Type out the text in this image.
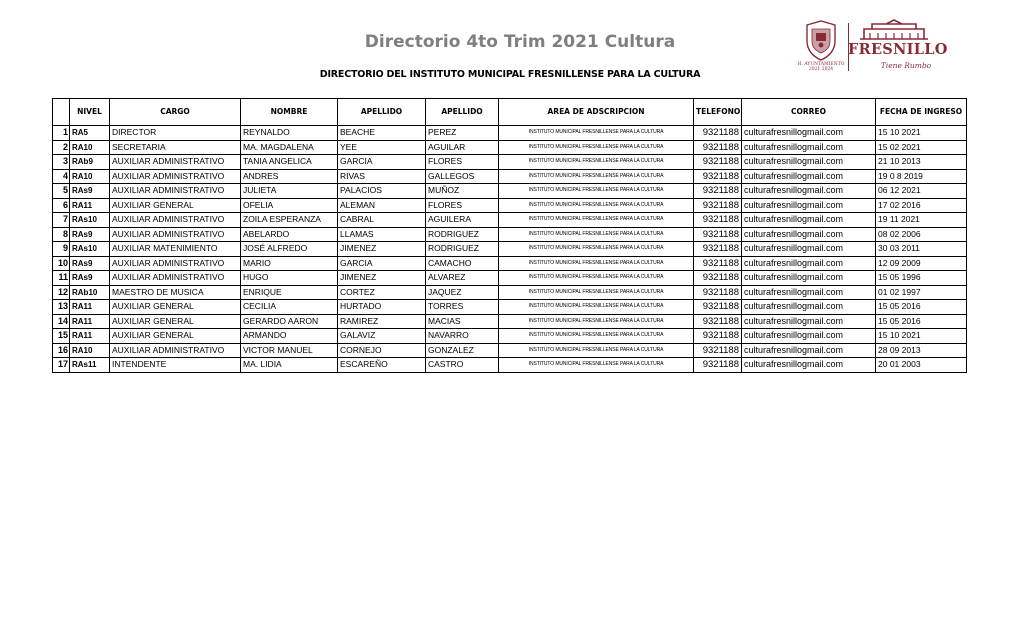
Directorio 4to Trim 2021 Cultura
DIRECTORIO DEL INSTITUTO MUNICIPAL FRESNILLENSE PARA LA CULTURA
H. AYUNTAMIENTO
2021 2024
FRESNILLO
Tiene Rumbo
	NIVEL	CARGO	NOMBRE	APELLIDO	APELLIDO	AREA DE ADSCRIPCION	TELEFONO	CORREO	FECHA DE INGRESO
1	RA5	DIRECTOR	REYNALDO	BEACHE	PEREZ	INSTITUTO MUNICIPAL FRESNILLENSE PARA LA CULTURA	9321188	culturafresnillogmail.com	15 10 2021
2	RA10	SECRETARIA	MA. MAGDALENA	YEE	AGUILAR	INSTITUTO MUNICIPAL FRESNILLENSE PARA LA CULTURA	9321188	culturafresnillogmail.com	15 02 2021
3	RAb9	AUXILIAR ADMINISTRATIVO	TANIA ANGELICA	GARCIA	FLORES	INSTITUTO MUNICIPAL FRESNILLENSE PARA LA CULTURA	9321188	culturafresnillogmail.com	21 10 2013
4	RA10	AUXILIAR ADMINISTRATIVO	ANDRES	RIVAS	GALLEGOS	INSTITUTO MUNICIPAL FRESNILLENSE PARA LA CULTURA	9321188	culturafresnillogmail.com	19 0 8 2019
5	RAs9	AUXILIAR ADMINISTRATIVO	JULIETA	PALACIOS	MUÑOZ	INSTITUTO MUNICIPAL FRESNILLENSE PARA LA CULTURA	9321188	culturafresnillogmail.com	06 12 2021
6	RA11	AUXILIAR GENERAL	OFELIA	ALEMAN	FLORES	INSTITUTO MUNICIPAL FRESNILLENSE PARA LA CULTURA	9321188	culturafresnillogmail.com	17 02 2016
7	RAs10	AUXILIAR ADMINISTRATIVO	ZOILA ESPERANZA	CABRAL	AGUILERA	INSTITUTO MUNICIPAL FRESNILLENSE PARA LA CULTURA	9321188	culturafresnillogmail.com	19 11 2021
8	RAs9	AUXILIAR ADMINISTRATIVO	ABELARDO	LLAMAS	RODRIGUEZ	INSTITUTO MUNICIPAL FRESNILLENSE PARA LA CULTURA	9321188	culturafresnillogmail.com	08 02 2006
9	RAs10	AUXILIAR MATENIMIENTO	JOSÉ ALFREDO	JIMENEZ	RODRIGUEZ	INSTITUTO MUNICIPAL FRESNILLENSE PARA LA CULTURA	9321188	culturafresnillogmail.com	30 03 2011
10	RAs9	AUXILIAR ADMINISTRATIVO	MARIO	GARCIA	CAMACHO	INSTITUTO MUNICIPAL FRESNILLENSE PARA LA CULTURA	9321188	culturafresnillogmail.com	12 09 2009
11	RAs9	AUXILIAR ADMINISTRATIVO	HUGO	JIMENEZ	ALVAREZ	INSTITUTO MUNICIPAL FRESNILLENSE PARA LA CULTURA	9321188	culturafresnillogmail.com	15 05 1996
12	RAb10	MAESTRO DE MUSICA	ENRIQUE	CORTEZ	JAQUEZ	INSTITUTO MUNICIPAL FRESNILLENSE PARA LA CULTURA	9321188	culturafresnillogmail.com	01 02 1997
13	RA11	AUXILIAR GENERAL	CECILIA	HURTADO	TORRES	INSTITUTO MUNICIPAL FRESNILLENSE PARA LA CULTURA	9321188	culturafresnillogmail.com	15 05 2016
14	RA11	AUXILIAR GENERAL	GERARDO AARON	RAMIREZ	MACIAS	INSTITUTO MUNICIPAL FRESNILLENSE PARA LA CULTURA	9321188	culturafresnillogmail.com	15 05 2016
15	RA11	AUXILIAR GENERAL	ARMANDO	GALAVIZ	NAVARRO	INSTITUTO MUNICIPAL FRESNILLENSE PARA LA CULTURA	9321188	culturafresnillogmail.com	15 10 2021
16	RA10	AUXILIAR ADMINISTRATIVO	VICTOR MANUEL	CORNEJO	GONZALEZ	INSTITUTO MUNICIPAL FRESNILLENSE PARA LA CULTURA	9321188	culturafresnillogmail.com	28 09 2013
17	RAs11	INTENDENTE	MA. LIDIA	ESCAREÑO	CASTRO	INSTITUTO MUNICIPAL FRESNILLENSE PARA LA CULTURA	9321188	culturafresnillogmail.com	20 01 2003
